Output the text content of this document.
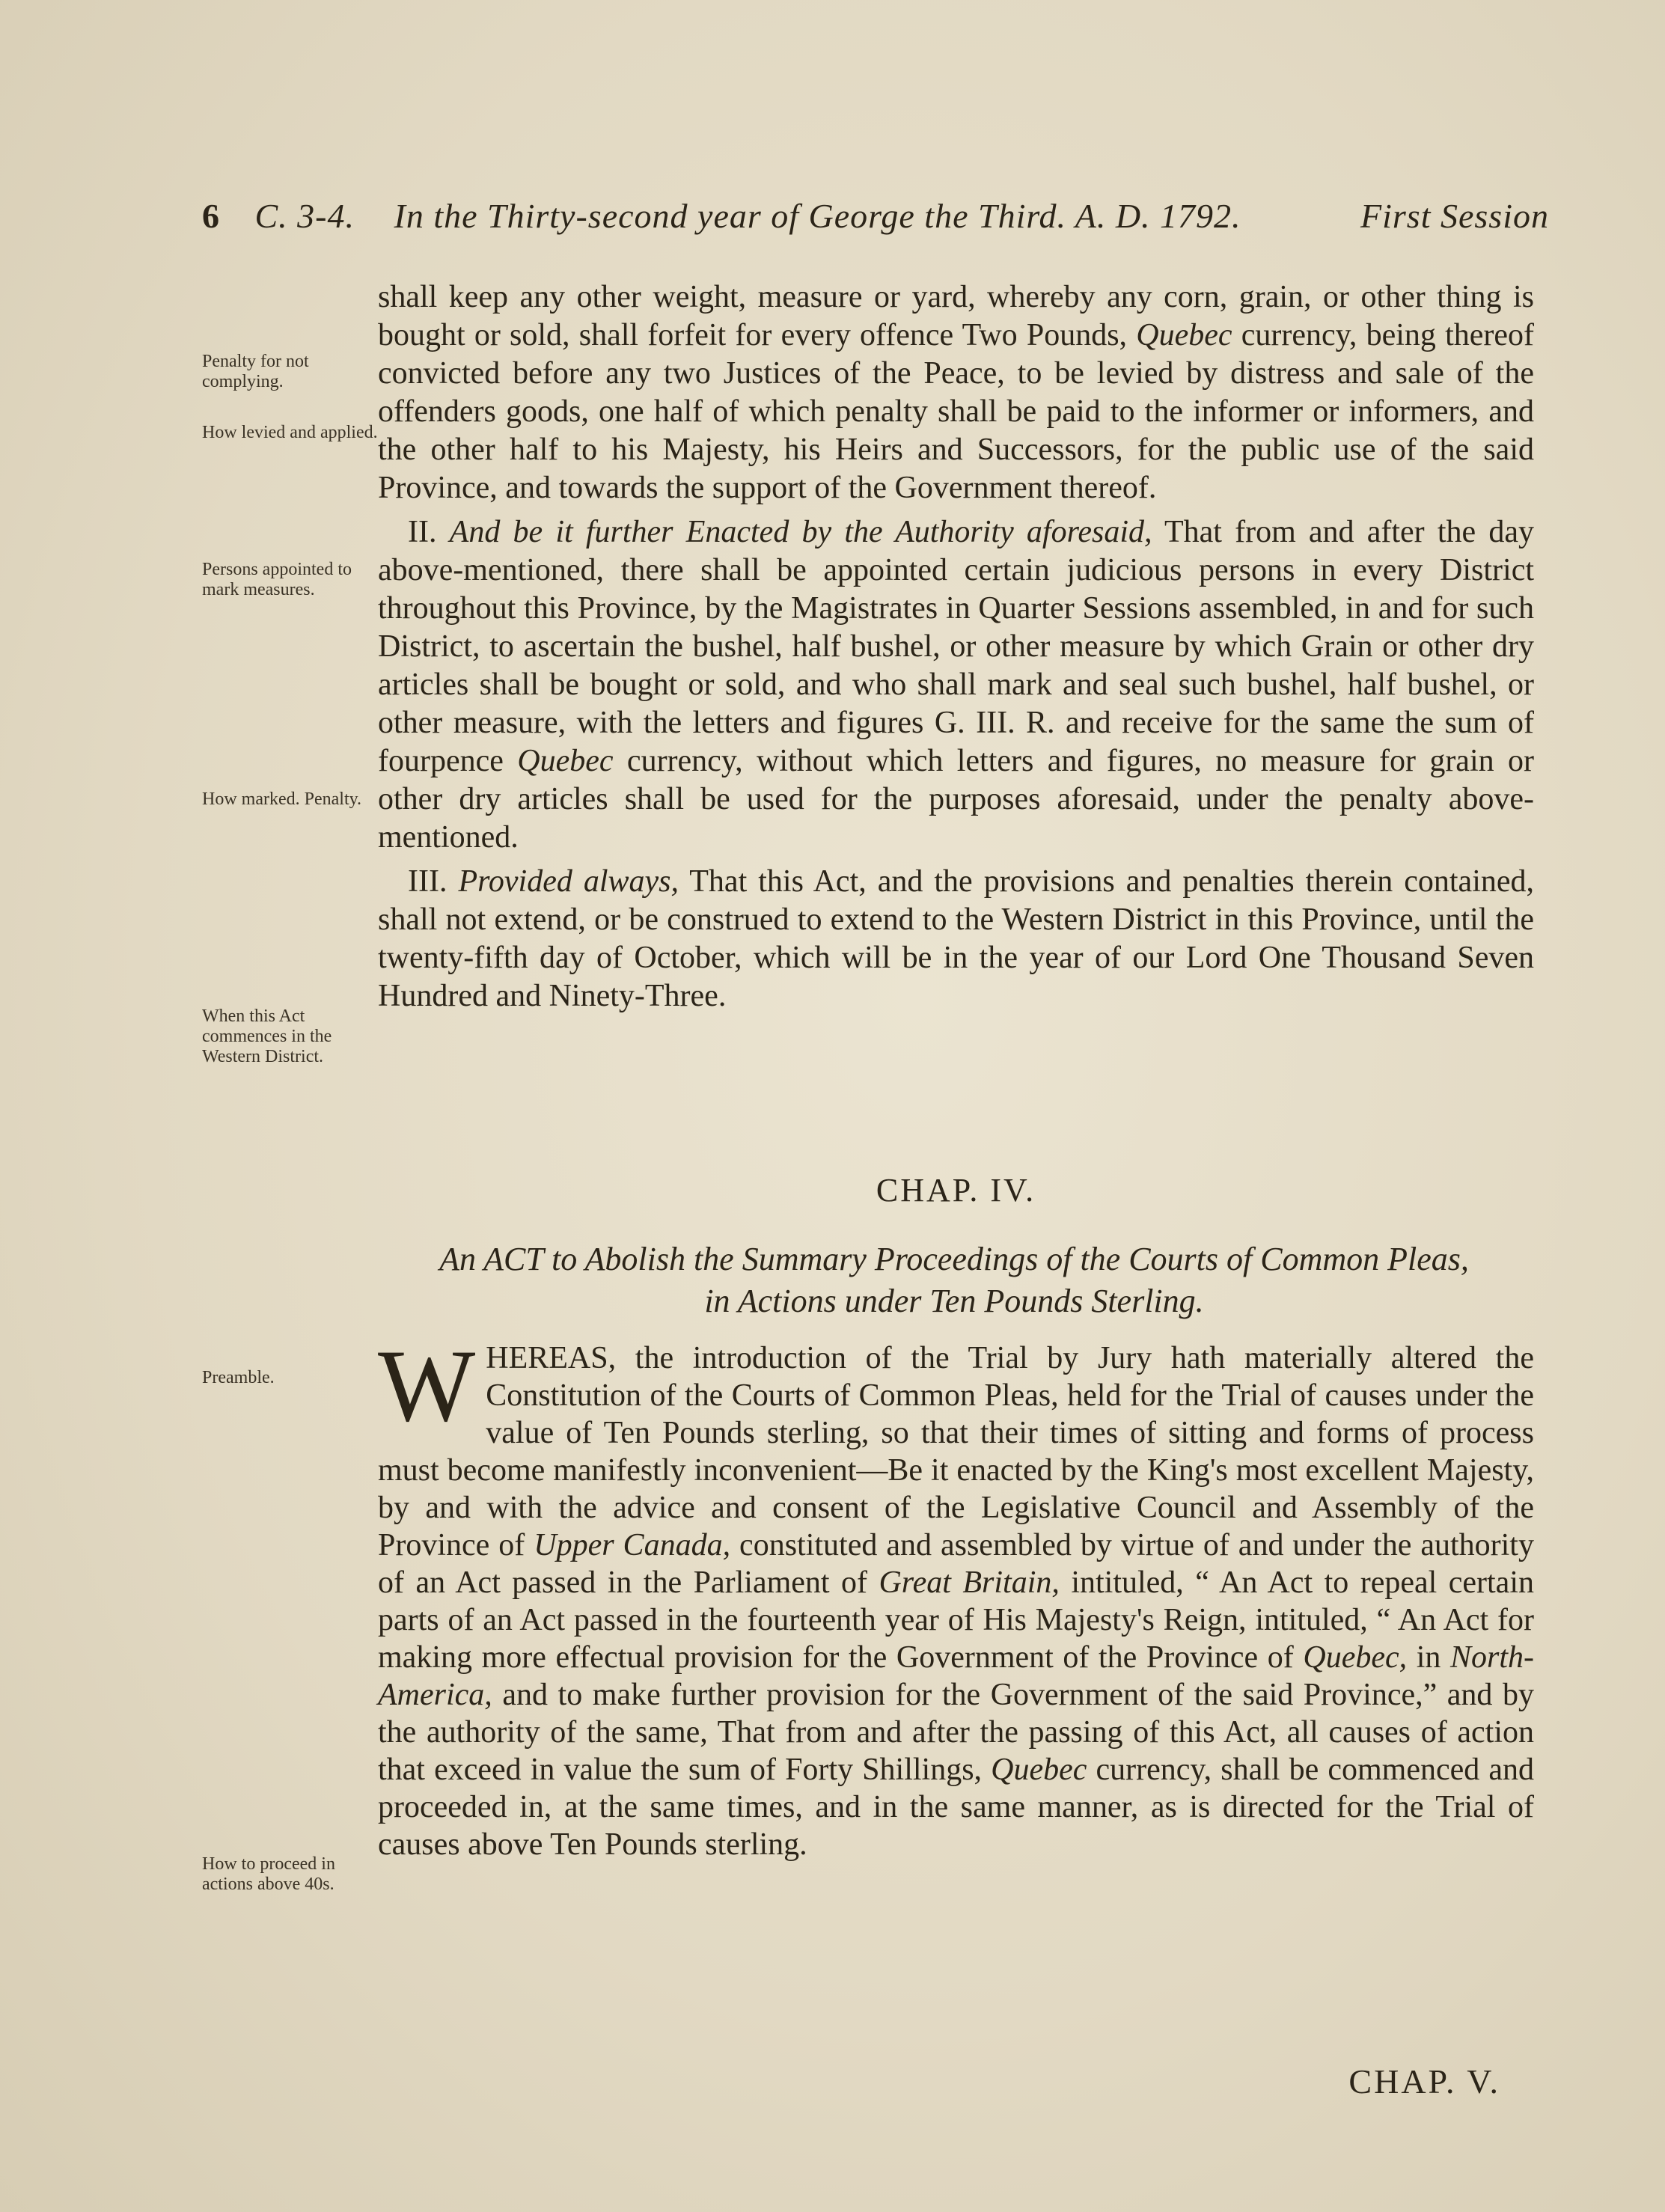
6 C. 3-4. In the Thirty-second year of George the Third. A. D. 1792.	First Session
Penalty for not complying.
How levied and applied.
Persons appointed to mark measures.
How marked. Penalty.
When this Act commences in the Western District.
Preamble.
How to proceed in actions above 40s.

shall keep any other weight, measure or yard, whereby any corn, grain, or other thing is bought or sold, shall forfeit for every offence Two Pounds, Quebec currency, being thereof convicted before any two Justices of the Peace, to be levied by distress and sale of the offenders goods, one half of which penalty shall be paid to the informer or informers, and the other half to his Majesty, his Heirs and Successors, for the public use of the said Province, and towards the support of the Government thereof.

II. And be it further Enacted by the Authority aforesaid, That from and after the day above-mentioned, there shall be appointed certain judicious persons in every District throughout this Province, by the Magistrates in Quarter Sessions assembled, in and for such District, to ascertain the bushel, half bushel, or other measure by which Grain or other dry articles shall be bought or sold, and who shall mark and seal such bushel, half bushel, or other measure, with the letters and figures G. III. R. and receive for the same the sum of fourpence Quebec currency, without which letters and figures, no measure for grain or other dry articles shall be used for the purposes aforesaid, under the penalty above-mentioned.

III. Provided always, That this Act, and the provisions and penalties therein contained, shall not extend, or be construed to extend to the Western District in this Province, until the twenty-fifth day of October, which will be in the year of our Lord One Thousand Seven Hundred and Ninety-Three.

CHAP. IV.
An ACT to Abolish the Summary Proceedings of the Courts of Common Pleas,
in Actions under Ten Pounds Sterling.

WHEREAS, the introduction of the Trial by Jury hath materially altered the Constitution of the Courts of Common Pleas, held for the Trial of causes under the value of Ten Pounds sterling, so that their times of sitting and forms of process must become manifestly inconvenient—Be it enacted by the King's most excellent Majesty, by and with the advice and consent of the Legislative Council and Assembly of the Province of Upper Canada, constituted and assembled by virtue of and under the authority of an Act passed in the Parliament of Great Britain, intituled, “ An Act to repeal certain parts of an Act passed in the fourteenth year of His Majesty's Reign, intituled, “ An Act for making more effectual provision for the Government of the Province of Quebec, in North-America, and to make further provision for the Government of the said Province,” and by the authority of the same, That from and after the passing of this Act, all causes of action that exceed in value the sum of Forty Shillings, Quebec currency, shall be commenced and proceeded in, at the same times, and in the same manner, as is directed for the Trial of causes above Ten Pounds sterling.

CHAP. V.
